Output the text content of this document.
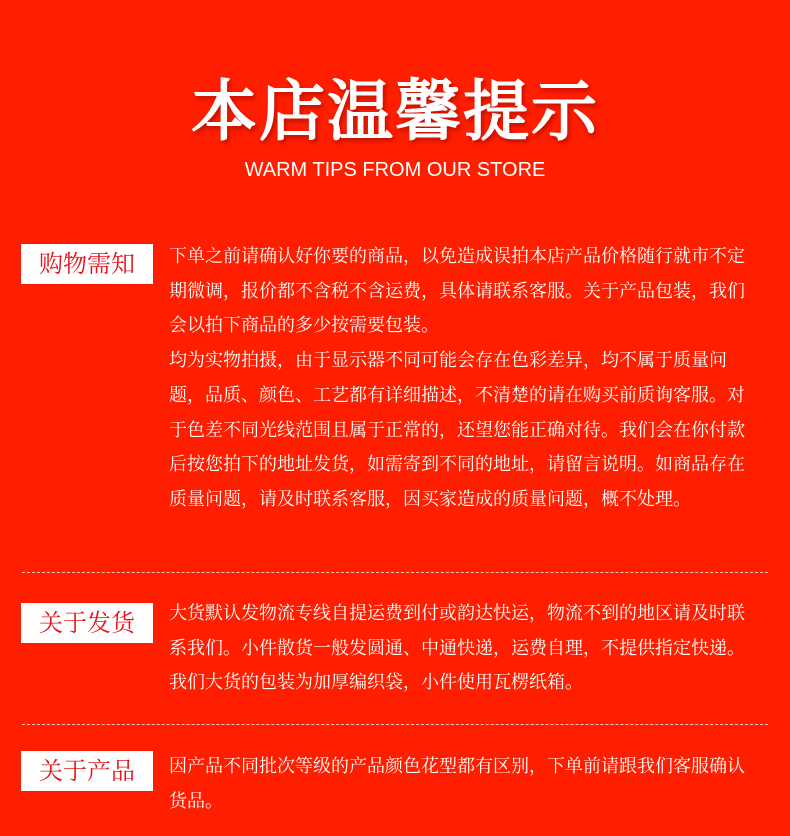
本店温馨提示
WARM TIPS FROM OUR STORE
购物需知	下单之前请确认好你要的商品，以免造成误拍本店产品价格随行就市不定期微调，报价都不含税不含运费，具体请联系客服。关于产品包装，我们会以拍下商品的多少按需要包装。

均为实物拍摄，由于显示器不同可能会存在色彩差异，均不属于质量问题，品质、颜色、工艺都有详细描述，不清楚的请在购买前质询客服。对于色差不同光线范围且属于正常的，还望您能正确对待。我们会在你付款后按您拍下的地址发货，如需寄到不同的地址，请留言说明。如商品存在质量问题，请及时联系客服，因买家造成的质量问题，概不处理。

关于发货	大货默认发物流专线自提运费到付或韵达快运，物流不到的地区请及时联系我们。小件散货一般发圆通、中通快递，运费自理，不提供指定快递。我们大货的包装为加厚编织袋，小件使用瓦楞纸箱。

关于产品	因产品不同批次等级的产品颜色花型都有区别，下单前请跟我们客服确认货品。
